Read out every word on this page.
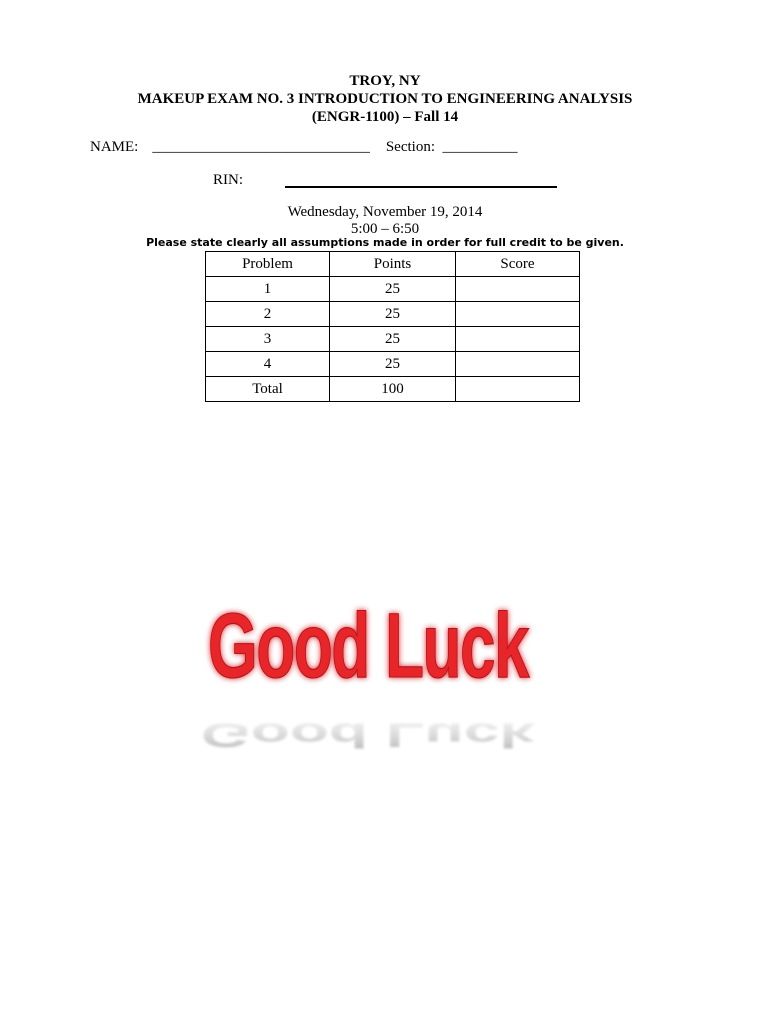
TROY, NY
MAKEUP EXAM NO. 3 INTRODUCTION TO ENGINEERING ANALYSIS
(ENGR-1100) – Fall 14
NAME: _____________________________ Section: __________
RIN:
Wednesday, November 19, 2014
5:00 – 6:50
Please state clearly all assumptions made in order for full credit to be given.
Problem	Points	Score
1	25	
2	25	
3	25	
4	25	
Total	100	
Good Luck
Good Luck
